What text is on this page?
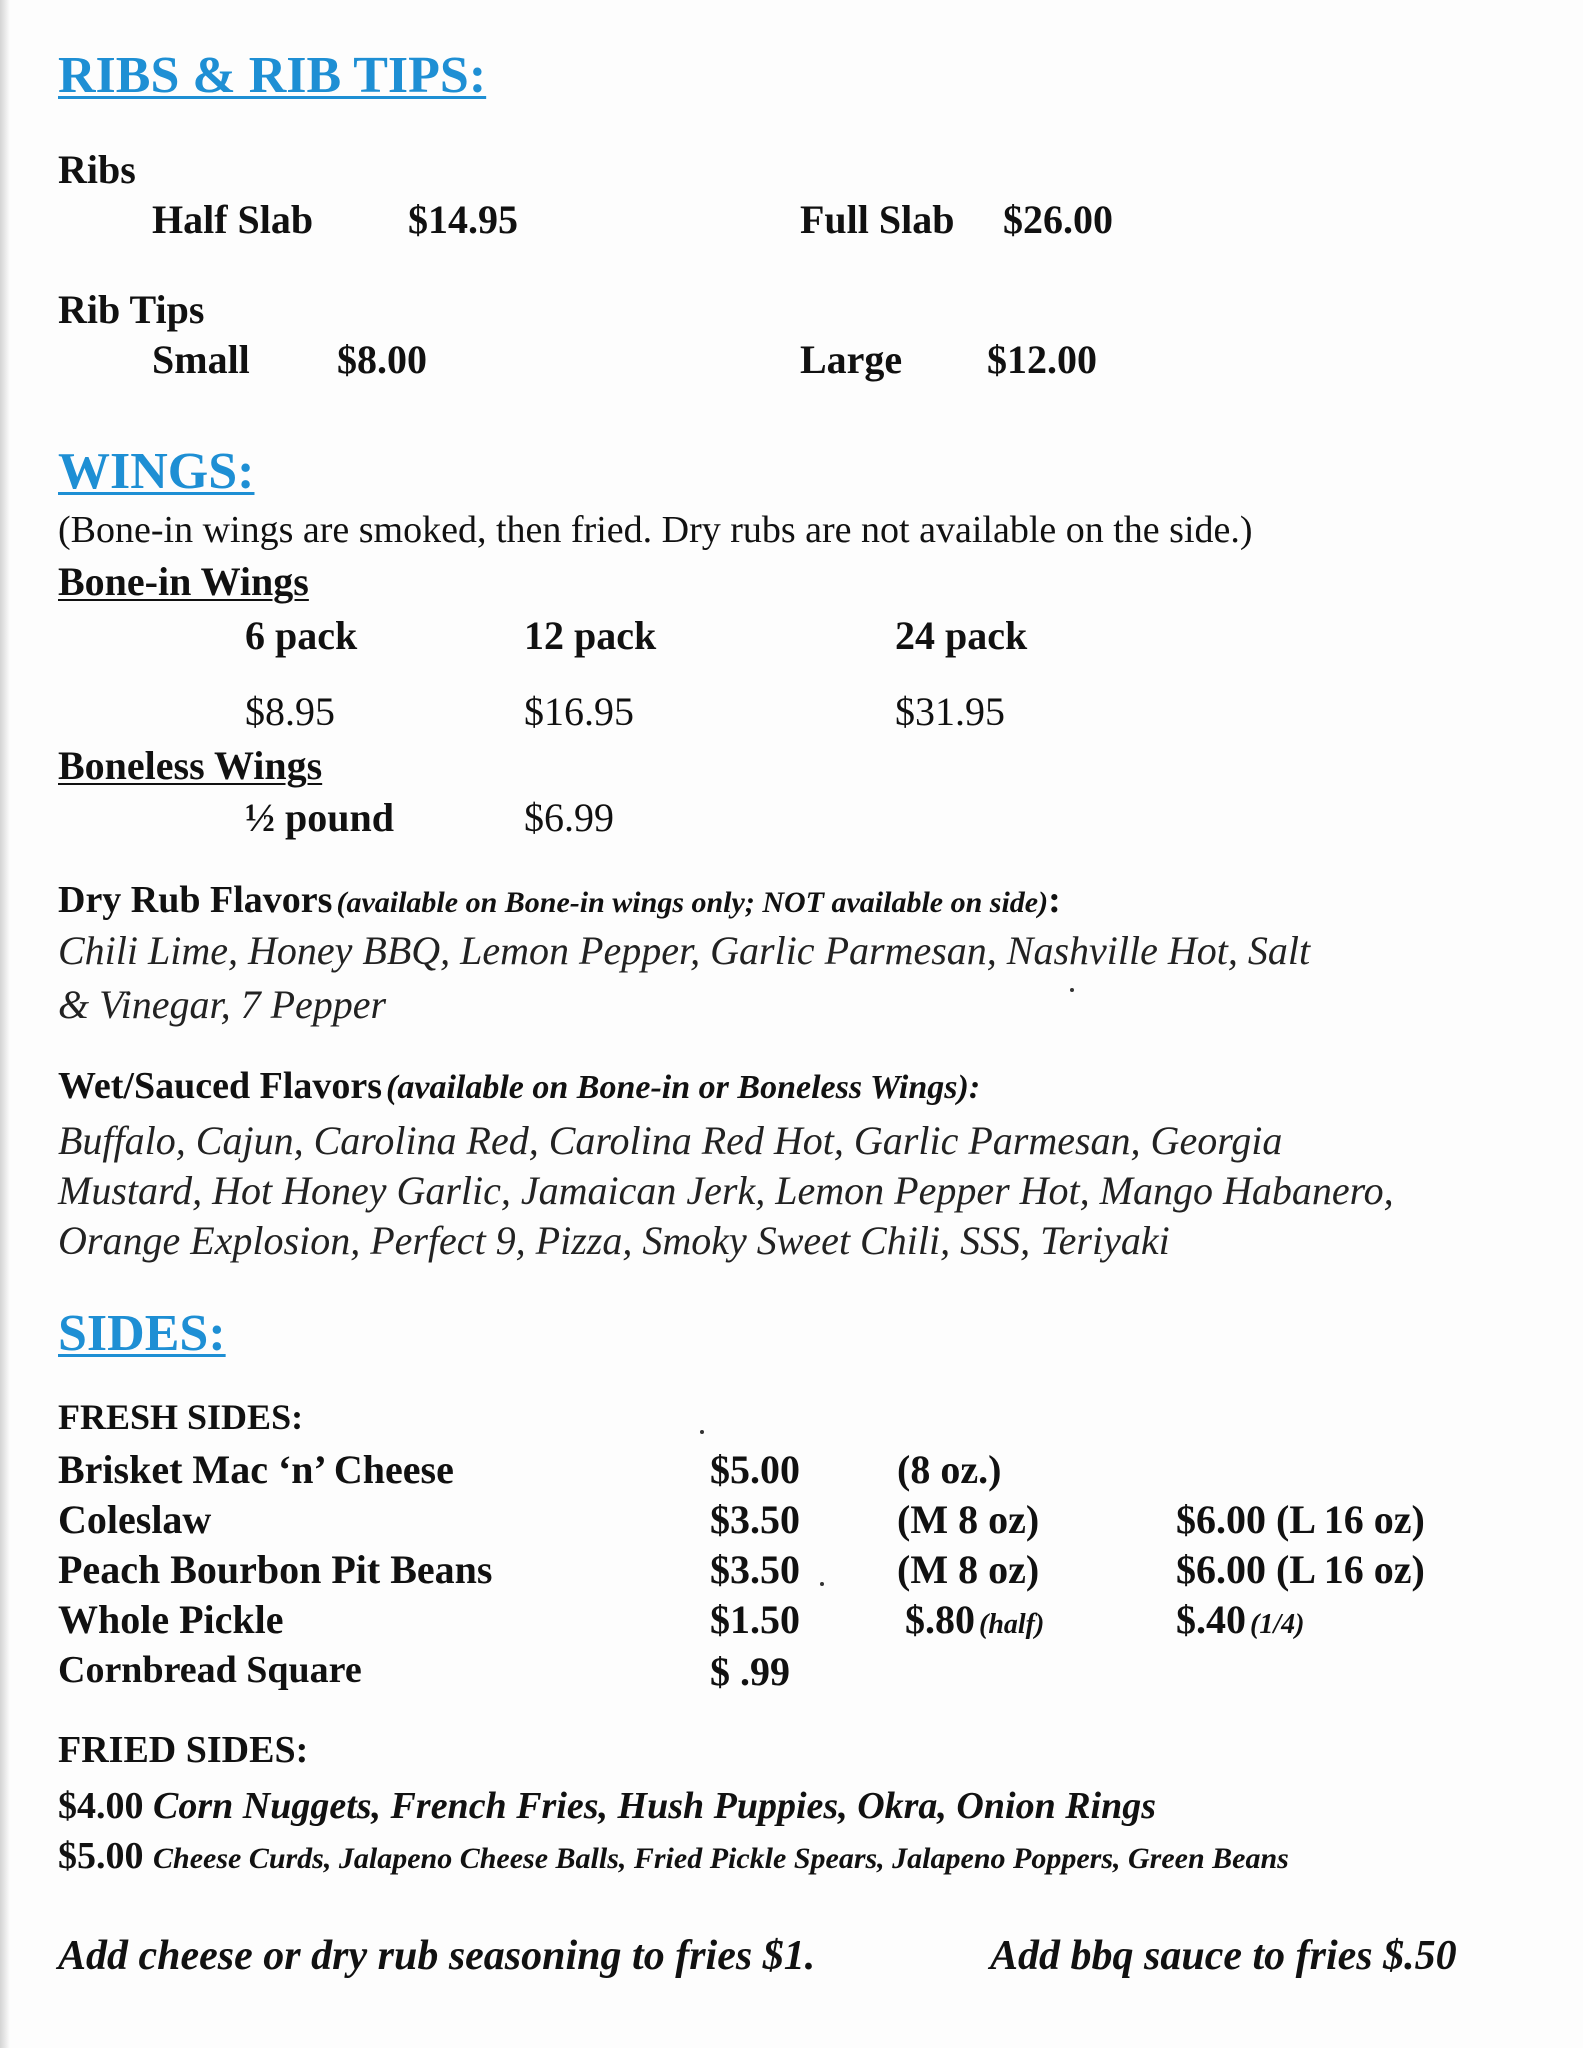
RIBS & RIB TIPS:
Ribs
Half Slab $14.95	Full Slab $26.00
Rib Tips
Small $8.00	Large $12.00
WINGS:
(Bone-in wings are smoked, then fried. Dry rubs are not available on the side.)
Bone-in Wings
6 pack	12 pack	24 pack
$8.95	$16.95	$31.95
Boneless Wings
½ pound	$6.99
Dry Rub Flavors (available on Bone-in wings only; NOT available on side):
Chili Lime, Honey BBQ, Lemon Pepper, Garlic Parmesan, Nashville Hot, Salt
& Vinegar, 7 Pepper
Wet/Sauced Flavors (available on Bone-in or Boneless Wings):
Buffalo, Cajun, Carolina Red, Carolina Red Hot, Garlic Parmesan, Georgia
Mustard, Hot Honey Garlic, Jamaican Jerk, Lemon Pepper Hot, Mango Habanero,
Orange Explosion, Perfect 9, Pizza, Smoky Sweet Chili, SSS, Teriyaki
SIDES:
FRESH SIDES:
Brisket Mac ‘n’ Cheese	$5.00 (8 oz.)
Coleslaw	$3.50 (M 8 oz)	$6.00 (L 16 oz)
Peach Bourbon Pit Beans	$3.50 (M 8 oz)	$6.00 (L 16 oz)
Whole Pickle	$1.50	$.80 (half)	$.40 (1/4)
Cornbread Square	$ .99
FRIED SIDES:
$4.00 Corn Nuggets, French Fries, Hush Puppies, Okra, Onion Rings
$5.00 Cheese Curds, Jalapeno Cheese Balls, Fried Pickle Spears, Jalapeno Poppers, Green Beans
Add cheese or dry rub seasoning to fries $1.	Add bbq sauce to fries $.50
